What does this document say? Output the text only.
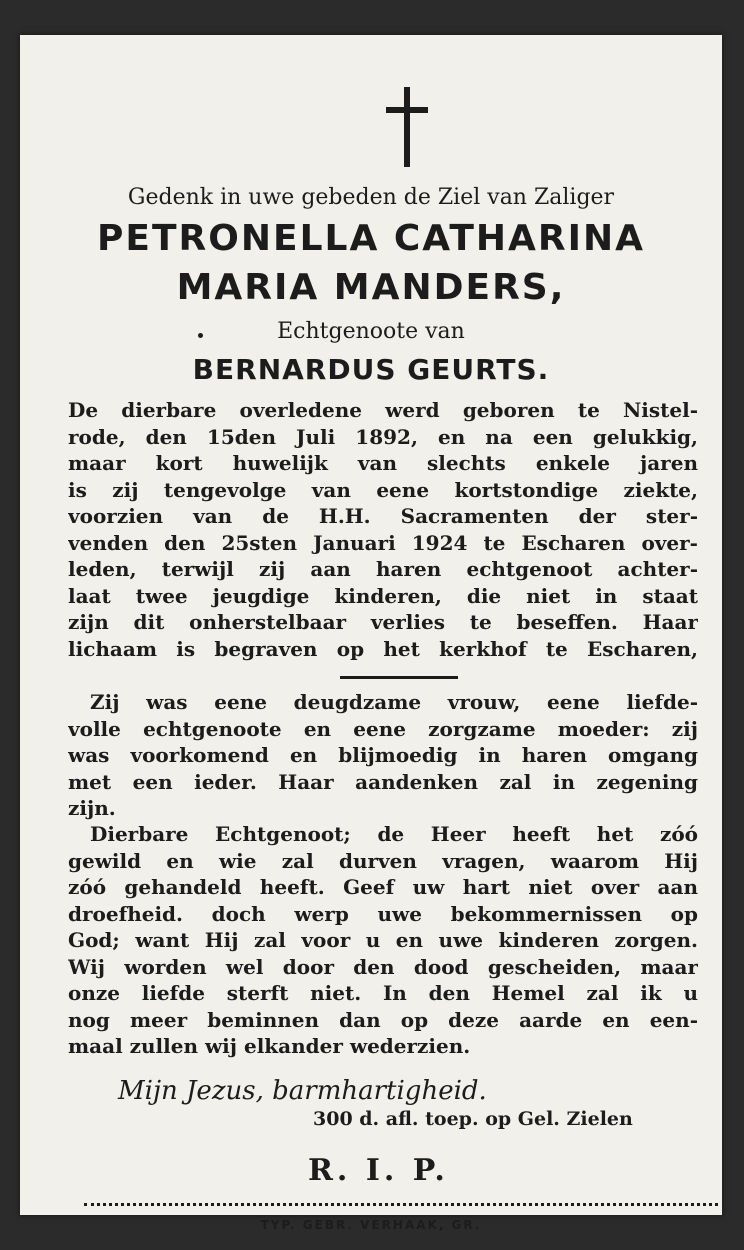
Gedenk in uwe gebeden de Ziel van Zaliger
PETRONELLA CATHARINA
MARIA MANDERS,
Echtgenoote van
BERNARDUS GEURTS.
De dierbare overledene werd geboren te Nistel-
rode, den 15den Juli 1892, en na een gelukkig,
maar kort huwelijk van slechts enkele jaren
is zij tengevolge van eene kortstondige ziekte,
voorzien van de H.H. Sacramenten der ster-
venden den 25sten Januari 1924 te Escharen over-
leden, terwijl zij aan haren echtgenoot achter-
laat twee jeugdige kinderen, die niet in staat
zijn dit onherstelbaar verlies te beseffen. Haar
lichaam is begraven op het kerkhof te Escharen,
Zij was eene deugdzame vrouw, eene liefde-
volle echtgenoote en eene zorgzame moeder: zij
was voorkomend en blijmoedig in haren omgang
met een ieder. Haar aandenken zal in zegening
zijn.
Dierbare Echtgenoot; de Heer heeft het zóó
gewild en wie zal durven vragen, waarom Hij
zóó gehandeld heeft. Geef uw hart niet over aan
droefheid. doch werp uwe bekommernissen op
God; want Hij zal voor u en uwe kinderen zorgen.
Wij worden wel door den dood gescheiden, maar
onze liefde sterft niet. In den Hemel zal ik u
nog meer beminnen dan op deze aarde en een-
maal zullen wij elkander wederzien.
Mijn Jezus, barmhartigheid.
300 d. afl. toep. op Gel. Zielen
R. I. P.
TYP. GEBR. VERHAAK, GR.
